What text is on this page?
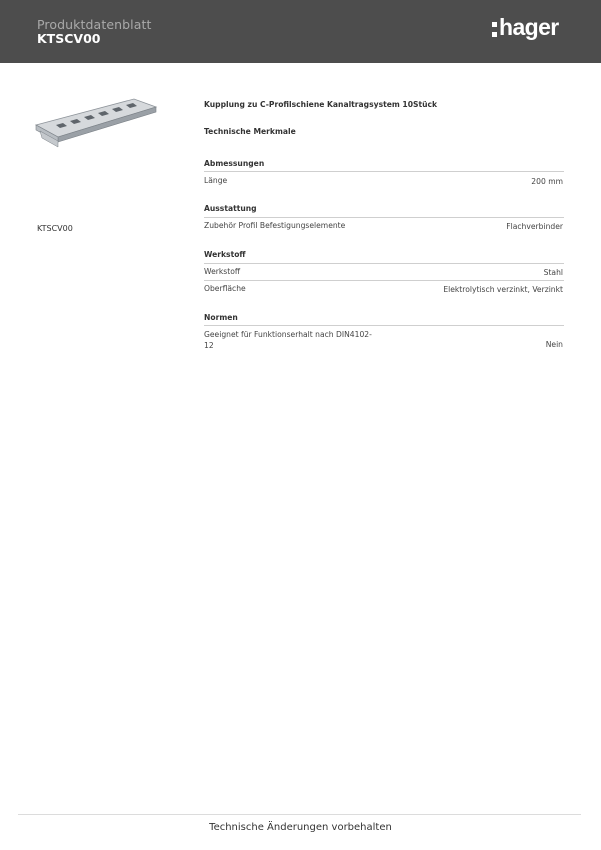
Produktdatenblatt
KTSCV00	hager
KTSCV00
Kupplung zu C-Profilschiene Kanaltragsystem 10Stück
Technische Merkmale
Abmessungen
Länge	200 mm
Ausstattung
Zubehör Profil Befestigungselemente	Flachverbinder
Werkstoff
Werkstoff	Stahl
Oberfläche	Elektrolytisch verzinkt, Verzinkt
Normen
Geeignet für Funktionserhalt nach DIN4102-
12	Nein
Technische Änderungen vorbehalten
